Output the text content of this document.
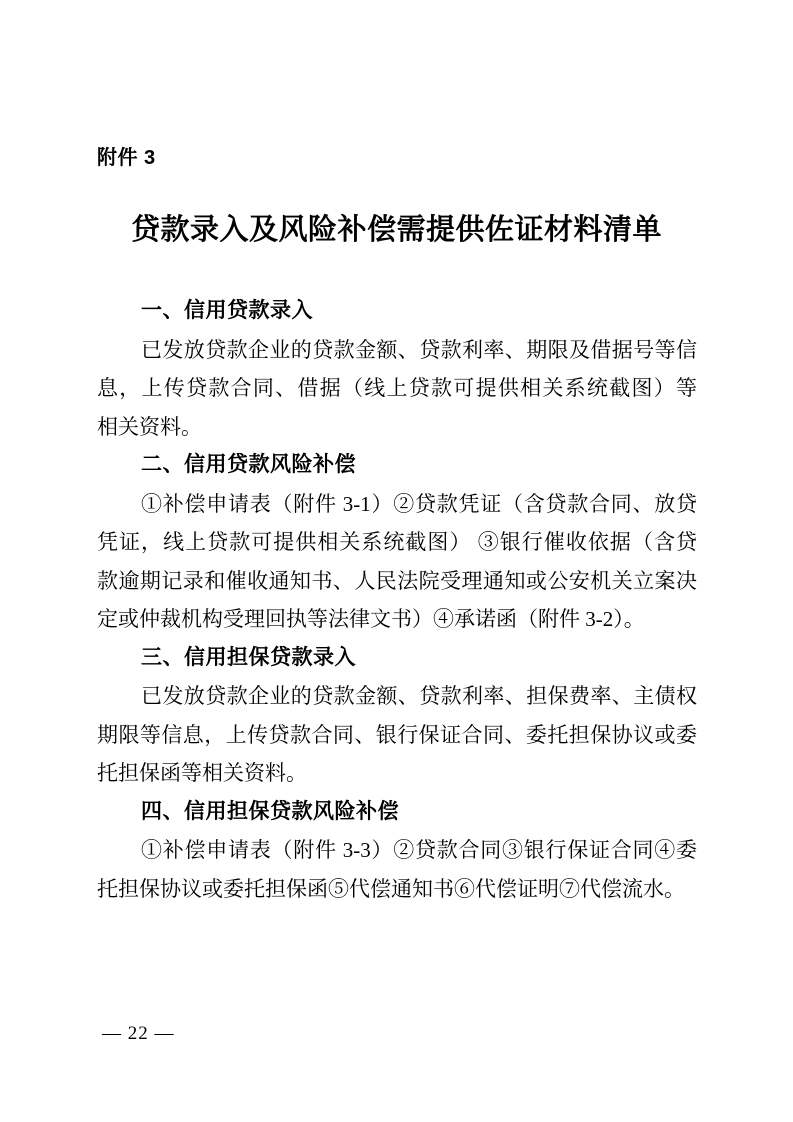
附件 3
贷款录入及风险补偿需提供佐证材料清单
一、信用贷款录入
已发放贷款企业的贷款金额、贷款利率、期限及借据号等信
息，上传贷款合同、借据（线上贷款可提供相关系统截图）等
相关资料。
二、信用贷款风险补偿
①补偿申请表（附件 3-1）②贷款凭证（含贷款合同、放贷
凭证，线上贷款可提供相关系统截图） ③银行催收依据（含贷
款逾期记录和催收通知书、人民法院受理通知或公安机关立案决
定或仲裁机构受理回执等法律文书）④承诺函（附件 3-2）。
三、信用担保贷款录入
已发放贷款企业的贷款金额、贷款利率、担保费率、主债权
期限等信息，上传贷款合同、银行保证合同、委托担保协议或委
托担保函等相关资料。
四、信用担保贷款风险补偿
①补偿申请表（附件 3-3）②贷款合同③银行保证合同④委
托担保协议或委托担保函⑤代偿通知书⑥代偿证明⑦代偿流水。
— 22 —
